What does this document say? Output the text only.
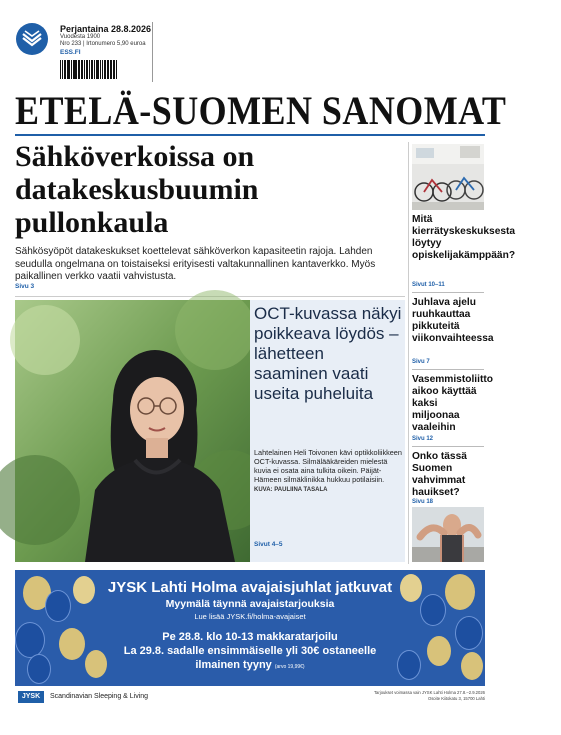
Perjantaina 28.8.2026
Vuodesta 1900
Nro 233 | Irtonumero 5,90 euroa
ESS.FI
ETELÄ-SUOMEN SANOMAT
Sähköverkoissa on
datakeskusbuumin
pullonkaula
Sähkösyöpöt datakeskukset koettelevat sähköverkon kapasiteetin rajoja. Lahden seudulla ongelmana on toistaiseksi erityisesti valtakunnallinen kantaverkko. Myös paikallinen verkko vaatii vahvistusta.
Sivu 3
OCT-kuvassa näkyi poikkeava löydös – lähetteen saaminen vaati useita puheluita
Lahtelainen Heli Toivonen kävi optikkoliikkeen OCT-kuvassa. Silmälääkäreiden mielestä kuvia ei osata aina tulkita oikein. Päijät-Hämeen silmäklinikka hukkuu potilaisiin.
KUVA: PAULIINA TASALA
Sivut 4–5
Mitä kierrätyskeskuksesta löytyy opiskelijakämppään?
Sivut 10–11
Juhlava ajelu ruuhkauttaa pikkuteitä viikonvaihteessa
Sivu 7
Vasemmistoliitto aikoo käyttää kaksi miljoonaa vaaleihin
Sivu 12
Onko tässä Suomen vahvimmat hauikset?
Sivu 18
JYSK Lahti Holma avajaisjuhlat jatkuvat
Myymälä täynnä avajaistarjouksia
Lue lisää JYSK.fi/holma-avajaiset
Pe 28.8. klo 10-13 makkaratarjoilu
La 29.8. sadalle ensimmäiselle yli 30€ ostaneelle
ilmainen tyyny (arvo 19,99€)
JYSK	Scandinavian Sleeping & Living
Tarjoukset voimassa vain JYSK Lahti Holma 27.8.–2.9.2026
Osoite Kiitokatu 3, 15700 Lahti
